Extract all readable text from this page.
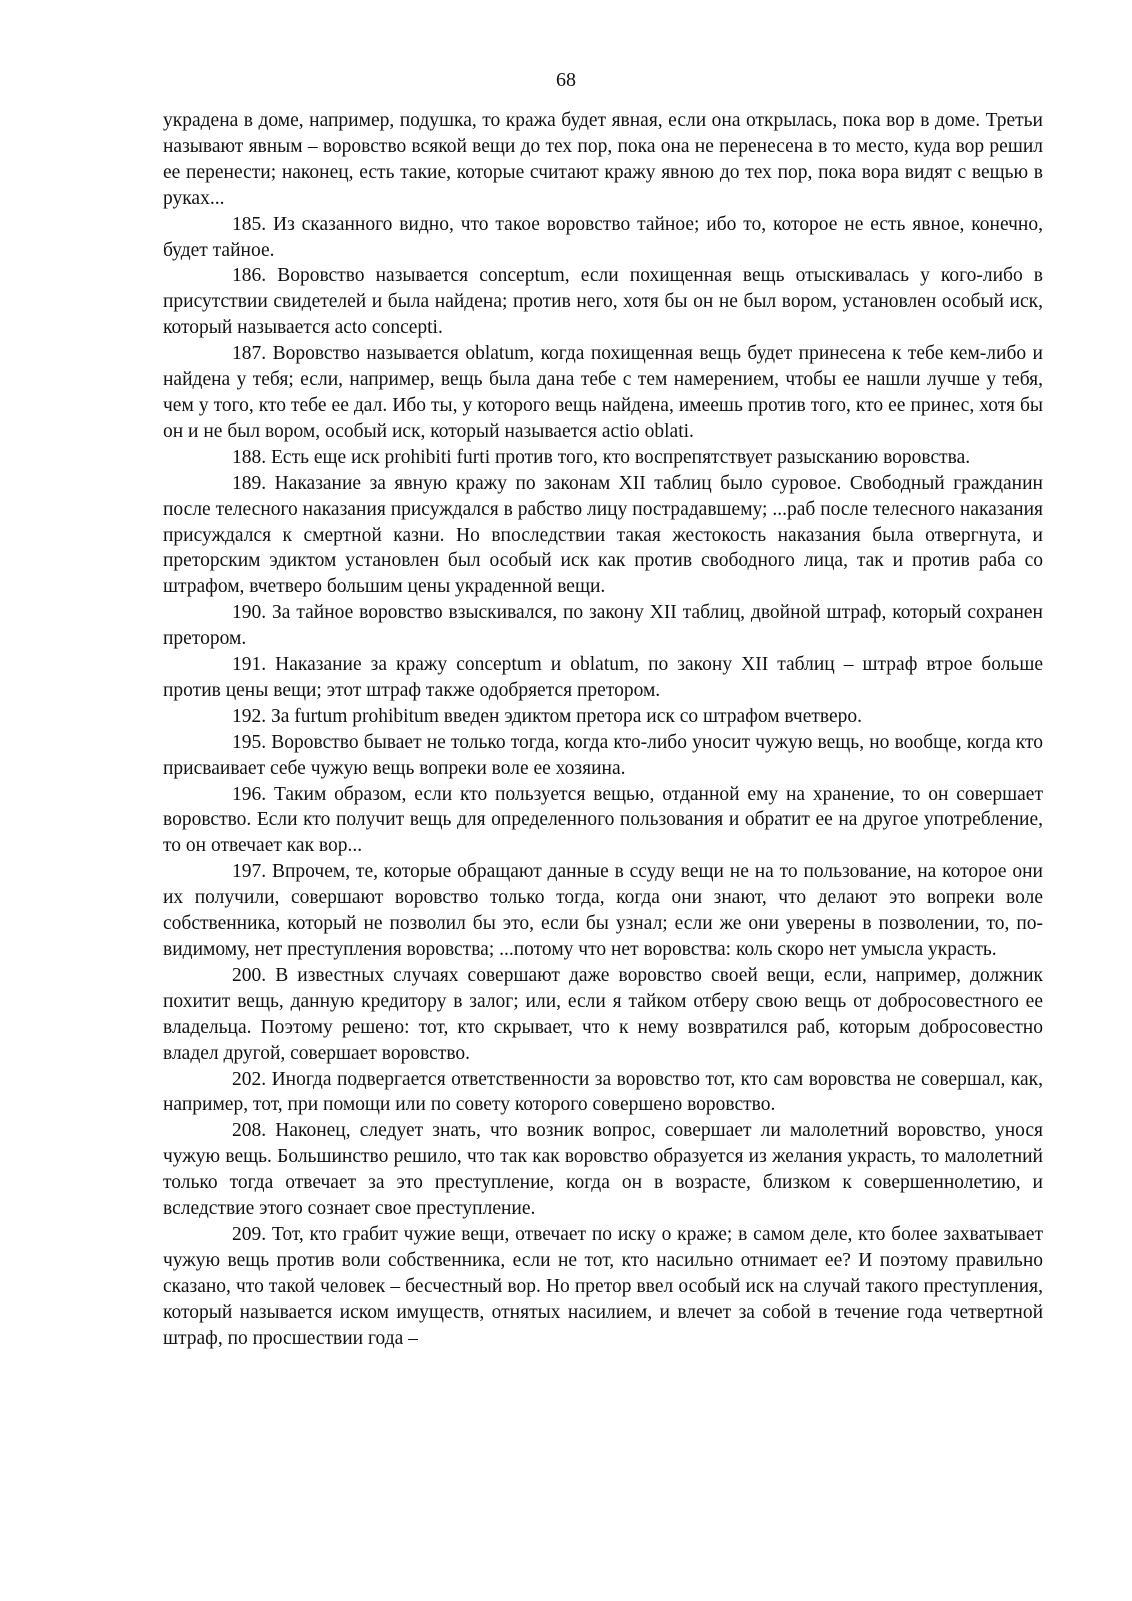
68

украдена в доме, например, подушка, то кража будет явная, если она открылась, пока вор в доме. Третьи называют явным – воровство всякой вещи до тех пор, пока она не перенесена в то место, куда вор решил ее перенести; наконец, есть такие, которые считают кражу явною до тех пор, пока вора видят с вещью в руках...

185. Из сказанного видно, что такое воровство тайное; ибо то, которое не есть явное, конечно, будет тайное.

186. Воровство называется conceptum, если похищенная вещь отыскивалась у кого-либо в присутствии свидетелей и была найдена; против него, хотя бы он не был вором, установлен особый иск, который называется acto concepti.

187. Воровство называется oblatum, когда похищенная вещь будет принесена к тебе кем-либо и найдена у тебя; если, например, вещь была дана тебе с тем намерением, чтобы ее нашли лучше у тебя, чем у того, кто тебе ее дал. Ибо ты, у которого вещь найдена, имеешь против того, кто ее принес, хотя бы он и не был вором, особый иск, который называется actio oblati.

188. Есть еще иск prohibiti furti против того, кто воспрепятствует разысканию воровства.

189. Наказание за явную кражу по законам XII таблиц было суровое. Свободный гражданин после телесного наказания присуждался в рабство лицу пострадавшему; ...раб после телесного наказания присуждался к смертной казни. Но впоследствии такая жестокость наказания была отвергнута, и преторским эдиктом установлен был особый иск как против свободного лица, так и против раба со штрафом, вчетверо большим цены украденной вещи.

190. За тайное воровство взыскивался, по закону XII таблиц, двойной штраф, который сохранен претором.

191. Наказание за кражу conceptum и oblatum, по закону XII таблиц – штраф втрое больше против цены вещи; этот штраф также одобряется претором.

192. За furtum prohibitum введен эдиктом претора иск со штрафом вчетверо.

195. Воровство бывает не только тогда, когда кто-либо уносит чужую вещь, но вообще, когда кто присваивает себе чужую вещь вопреки воле ее хозяина.

196. Таким образом, если кто пользуется вещью, отданной ему на хранение, то он совершает воровство. Если кто получит вещь для определенного пользования и обратит ее на другое употребление, то он отвечает как вор...

197. Впрочем, те, которые обращают данные в ссуду вещи не на то пользование, на которое они их получили, совершают воровство только тогда, когда они знают, что делают это вопреки воле собственника, который не позволил бы это, если бы узнал; если же они уверены в позволении, то, по-видимому, нет преступления воровства; ...потому что нет воровства: коль скоро нет умысла украсть.

200. В известных случаях совершают даже воровство своей вещи, если, например, должник похитит вещь, данную кредитору в залог; или, если я тайком отберу свою вещь от добросовестного ее владельца. Поэтому решено: тот, кто скрывает, что к нему возвратился раб, которым добросовестно владел другой, совершает воровство.

202. Иногда подвергается ответственности за воровство тот, кто сам воровства не совершал, как, например, тот, при помощи или по совету которого совершено воровство.

208. Наконец, следует знать, что возник вопрос, совершает ли малолетний воровство, унося чужую вещь. Большинство решило, что так как воровство образуется из желания украсть, то малолетний только тогда отвечает за это преступление, когда он в возрасте, близком к совершеннолетию, и вследствие этого сознает свое преступление.

209. Тот, кто грабит чужие вещи, отвечает по иску о краже; в самом деле, кто более захватывает чужую вещь против воли собственника, если не тот, кто насильно отнимает ее? И поэтому правильно сказано, что такой человек – бесчестный вор. Но претор ввел особый иск на случай такого преступления, который называется иском имуществ, отнятых насилием, и влечет за собой в течение года четвертной штраф, по просшествии года –
